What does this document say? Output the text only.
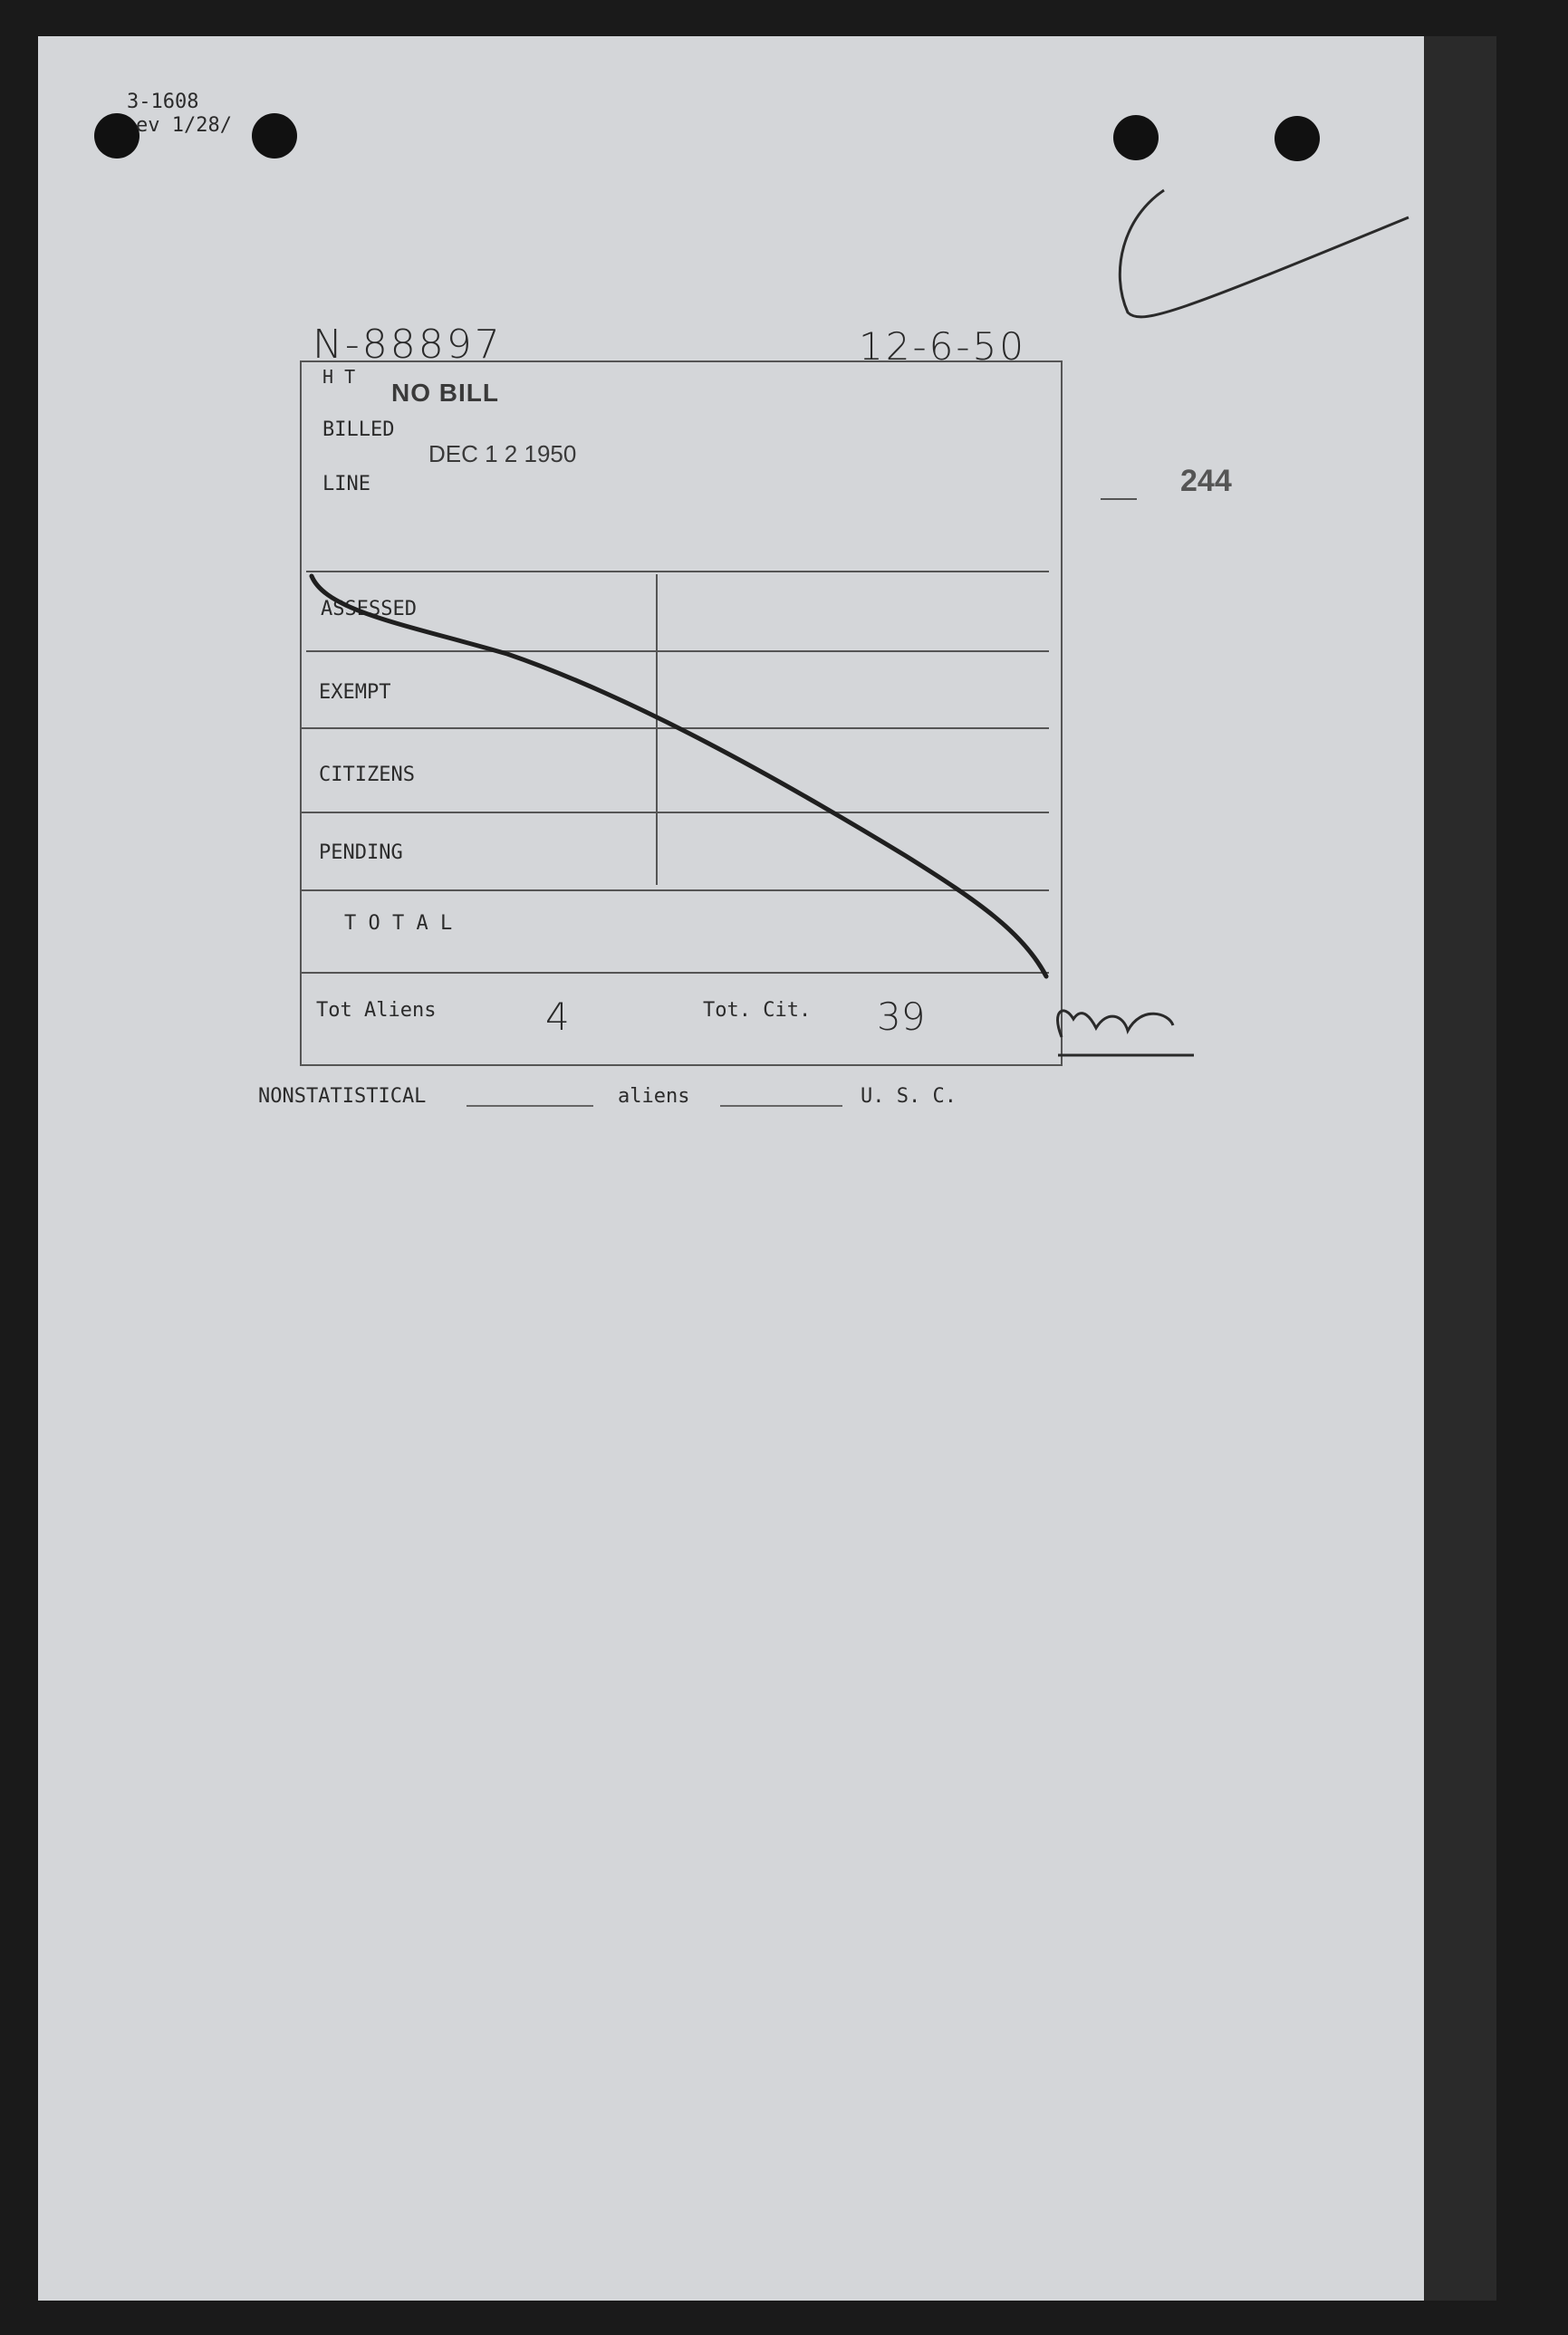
3-1608
ev 1/28/
N-88897	12-6-50
H T
NO BILL
BILLED
DEC 1 2 1950
LINE	244
ASSESSED
EXEMPT
CITIZENS
PENDING
T O T A L
Tot Aliens	4	Tot. Cit. 39
NONSTATISTICAL	aliens	U. S. C.
